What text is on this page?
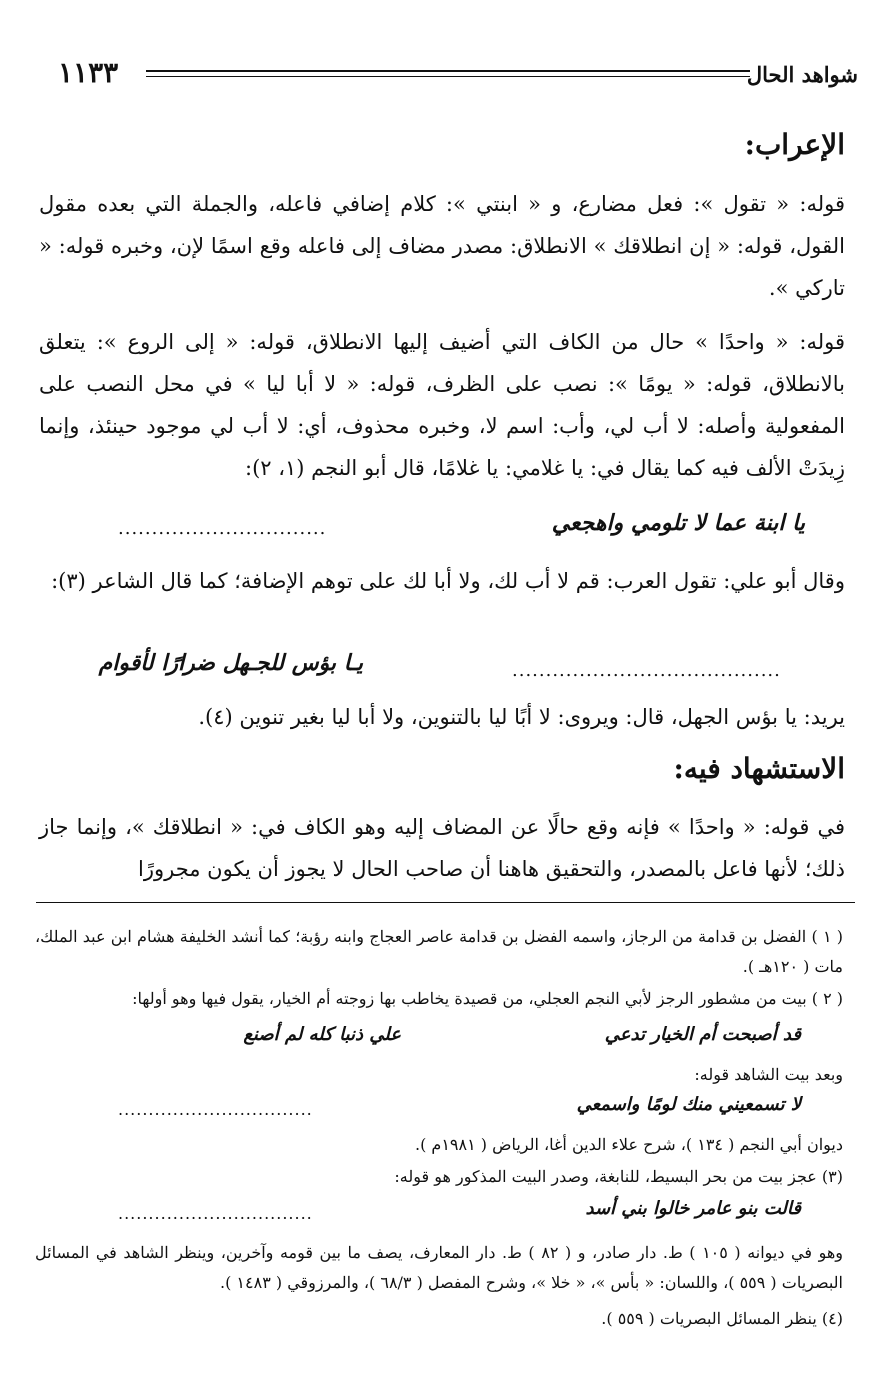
شواهد الحال
١١٣٣
الإعراب:
قوله: « تقول »: فعل مضارع، و « ابنتي »: كلام إضافي فاعله، والجملة التي بعده مقول القول، قوله: « إن انطلاقك » الانطلاق: مصدر مضاف إلى فاعله وقع اسمًا لإن، وخبره قوله: « تاركي ».
قوله: « واحدًا » حال من الكاف التي أضيف إليها الانطلاق، قوله: « إلى الروع »: يتعلق بالانطلاق، قوله: « يومًا »: نصب على الظرف، قوله: « لا أبا ليا » في محل النصب على المفعولية وأصله: لا أب لي، وأب: اسم لا، وخبره محذوف، أي: لا أب لي موجود حينئذ، وإنما زِيدَتْ الألف فيه كما يقال في: يا غلامي: يا غلامًا، قال أبو النجم (١، ٢):
يا ابنة عما لا تلومي واهجعي
...............................
وقال أبو علي: تقول العرب: قم لا أب لك، ولا أبا لك على توهم الإضافة؛ كما قال الشاعر (٣):
........................................
يـا بؤس للجـهل ضرارًا لأقوام
يريد: يا بؤس الجهل، قال: ويروى: لا أبًا ليا بالتنوين، ولا أبا ليا بغير تنوين (٤).
الاستشهاد فيه:
في قوله: « واحدًا » فإنه وقع حالًا عن المضاف إليه وهو الكاف في: « انطلاقك »، وإنما جاز ذلك؛ لأنها فاعل بالمصدر، والتحقيق هاهنا أن صاحب الحال لا يجوز أن يكون مجرورًا
( ١ ) الفضل بن قدامة من الرجاز، واسمه الفضل بن قدامة عاصر العجاج وابنه رؤبة؛ كما أنشد الخليفة هشام ابن عبد الملك، مات ( ١٢٠هـ ).
( ٢ ) بيت من مشطور الرجز لأبي النجم العجلي، من قصيدة يخاطب بها زوجته أم الخيار، يقول فيها وهو أولها:
قد أصبحت أم الخيار تدعي
علي ذنبا كله لم أصنع
وبعد بيت الشاهد قوله:
لا تسمعيني منك لومًا واسمعي
................................
ديوان أبي النجم ( ١٣٤ )، شرح علاء الدين أغا، الرياض ( ١٩٨١م ).
(٣) عجز بيت من بحر البسيط، للنابغة، وصدر البيت المذكور هو قوله:
قالت بنو عامر خالوا بني أسد
................................
وهو في ديوانه ( ١٠٥ ) ط. دار صادر، و ( ٨٢ ) ط. دار المعارف، يصف ما بين قومه وآخرين، وينظر الشاهد في المسائل البصريات ( ٥٥٩ )، واللسان: « بأس »، « خلا »، وشرح المفصل ( ٦٨/٣ )، والمرزوقي ( ١٤٨٣ ).
(٤) ينظر المسائل البصريات ( ٥٥٩ ).
